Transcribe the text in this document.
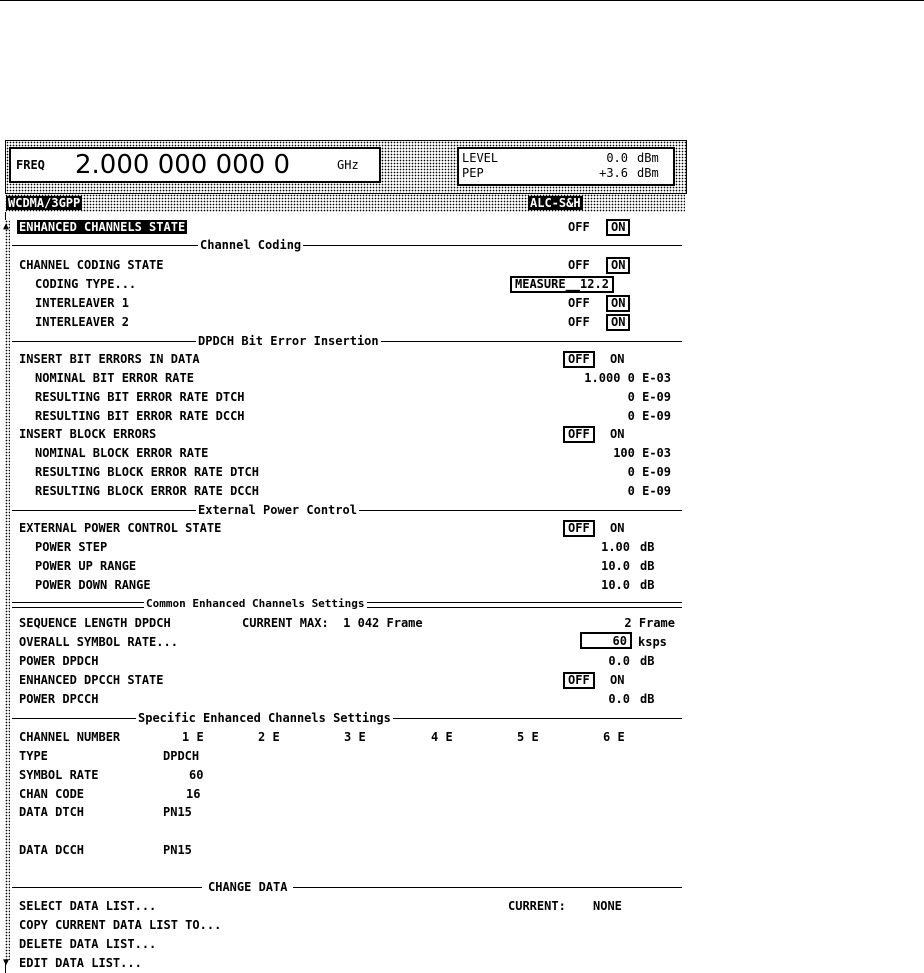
FREQ 2.000 000 000 0	GHz	LEVEL	0.0 dBm
PEP	+3.6 dBm
WCDMA/3GPP	ALC-S&H
▲
▼
ENHANCED CHANNELS STATE	OFF	ON
Channel Coding
CHANNEL CODING STATE	OFF	ON
CODING TYPE...	MEASURE__12.2
INTERLEAVER 1	OFF	ON
INTERLEAVER 2	OFF	ON
DPDCH Bit Error Insertion
INSERT BIT ERRORS IN DATA	OFF	ON
NOMINAL BIT ERROR RATE	1.000 0 E-03
RESULTING BIT ERROR RATE DTCH	0 E-09
RESULTING BIT ERROR RATE DCCH	0 E-09
INSERT BLOCK ERRORS	OFF	ON
NOMINAL BLOCK ERROR RATE	100 E-03
RESULTING BLOCK ERROR RATE DTCH	0 E-09
RESULTING BLOCK ERROR RATE DCCH	0 E-09
External Power Control
EXTERNAL POWER CONTROL STATE	OFF	ON
POWER STEP	1.00 dB
POWER UP RANGE	10.0 dB
POWER DOWN RANGE	10.0 dB
Common Enhanced Channels Settings
SEQUENCE LENGTH DPDCH	CURRENT MAX:  1 042 Frame	2 Frame
OVERALL SYMBOL RATE...	60 ksps
POWER DPDCH	0.0 dB
ENHANCED DPCCH STATE	OFF	ON
POWER DPCCH	0.0 dB
Specific Enhanced Channels Settings
CHANNEL NUMBER	1 E	2 E	3 E	4 E	5 E	6 E
TYPE	DPDCH
SYMBOL RATE	60
CHAN CODE	16
DATA DTCH	PN15
DATA DCCH	PN15
CHANGE DATA
SELECT DATA LIST...	CURRENT: NONE
COPY CURRENT DATA LIST TO...
DELETE DATA LIST...
EDIT DATA LIST...
